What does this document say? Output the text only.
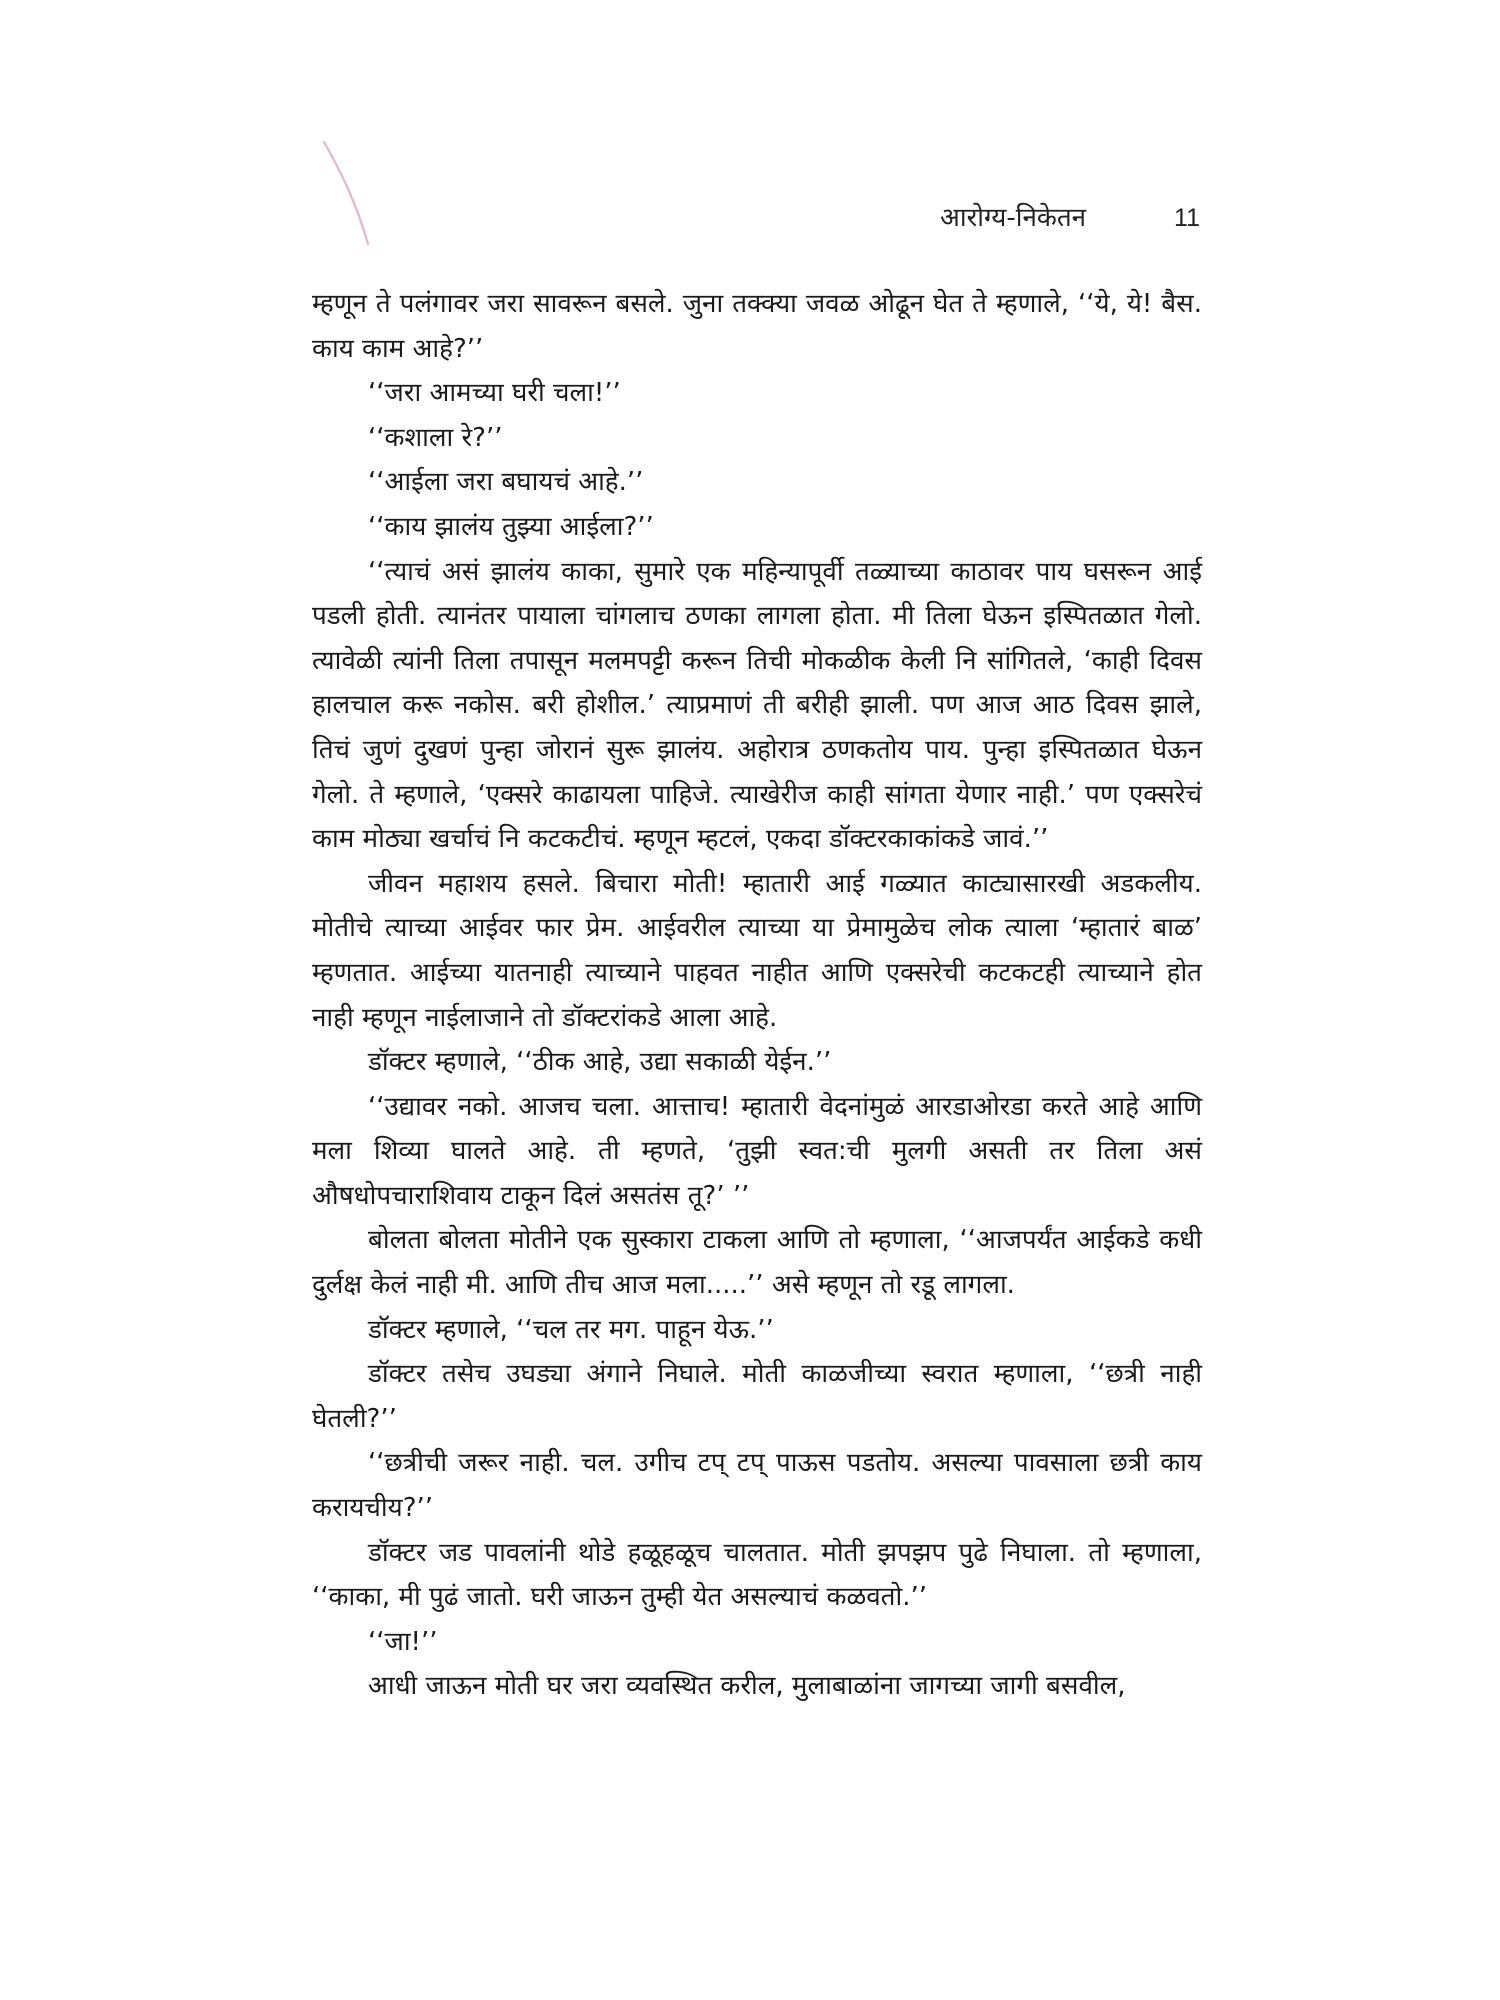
आरोग्य-निकेतन	11

म्हणून ते पलंगावर जरा सावरून बसले. जुना तक्क्या जवळ ओढून घेत ते म्हणाले, ‘‘ये, ये! बैस. काय काम आहे?’’

‘‘जरा आमच्या घरी चला!’’

‘‘कशाला रे?’’

‘‘आईला जरा बघायचं आहे.’’

‘‘काय झालंय तुझ्या आईला?’’

‘‘त्याचं असं झालंय काका, सुमारे एक महिन्यापूर्वी तळ्याच्या काठावर पाय घसरून आई पडली होती. त्यानंतर पायाला चांगलाच ठणका लागला होता. मी तिला घेऊन इस्पितळात गेलो. त्यावेळी त्यांनी तिला तपासून मलमपट्टी करून तिची मोकळीक केली नि सांगितले, ‘काही दिवस हालचाल करू नकोस. बरी होशील.’ त्याप्रमाणं ती बरीही झाली. पण आज आठ दिवस झाले, तिचं जुणं दुखणं पुन्हा जोरानं सुरू झालंय. अहोरात्र ठणकतोय पाय. पुन्हा इस्पितळात घेऊन गेलो. ते म्हणाले, ‘एक्सरे काढायला पाहिजे. त्याखेरीज काही सांगता येणार नाही.’ पण एक्सरेचं काम मोठ्या खर्चाचं नि कटकटीचं. म्हणून म्हटलं, एकदा डॉक्टरकाकांकडे जावं.’’

जीवन महाशय हसले. बिचारा मोती! म्हातारी आई गळ्यात काट्यासारखी अडकलीय. मोतीचे त्याच्या आईवर फार प्रेम. आईवरील त्याच्या या प्रेमामुळेच लोक त्याला ‘म्हातारं बाळ’ म्हणतात. आईच्या यातनाही त्याच्याने पाहवत नाहीत आणि एक्सरेची कटकटही त्याच्याने होत नाही म्हणून नाईलाजाने तो डॉक्टरांकडे आला आहे.

डॉक्टर म्हणाले, ‘‘ठीक आहे, उद्या सकाळी येईन.’’

‘‘उद्यावर नको. आजच चला. आत्ताच! म्हातारी वेदनांमुळं आरडाओरडा करते आहे आणि मला शिव्या घालते आहे. ती म्हणते, ‘तुझी स्वत:ची मुलगी असती तर तिला असं औषधोपचाराशिवाय टाकून दिलं असतंस तू?’ ’’

बोलता बोलता मोतीने एक सुस्कारा टाकला आणि तो म्हणाला, ‘‘आजपर्यंत आईकडे कधी दुर्लक्ष केलं नाही मी. आणि तीच आज मला.....’’ असे म्हणून तो रडू लागला.

डॉक्टर म्हणाले, ‘‘चल तर मग. पाहून येऊ.’’

डॉक्टर तसेच उघड्या अंगाने निघाले. मोती काळजीच्या स्वरात म्हणाला, ‘‘छत्री नाही घेतली?’’

‘‘छत्रीची जरूर नाही. चल. उगीच टप् टप् पाऊस पडतोय. असल्या पावसाला छत्री काय करायचीय?’’

डॉक्टर जड पावलांनी थोडे हळूहळूच चालतात. मोती झपझप पुढे निघाला. तो म्हणाला, ‘‘काका, मी पुढं जातो. घरी जाऊन तुम्ही येत असल्याचं कळवतो.’’

‘‘जा!’’

आधी जाऊन मोती घर जरा व्यवस्थित करील, मुलाबाळांना जागच्या जागी बसवील,
